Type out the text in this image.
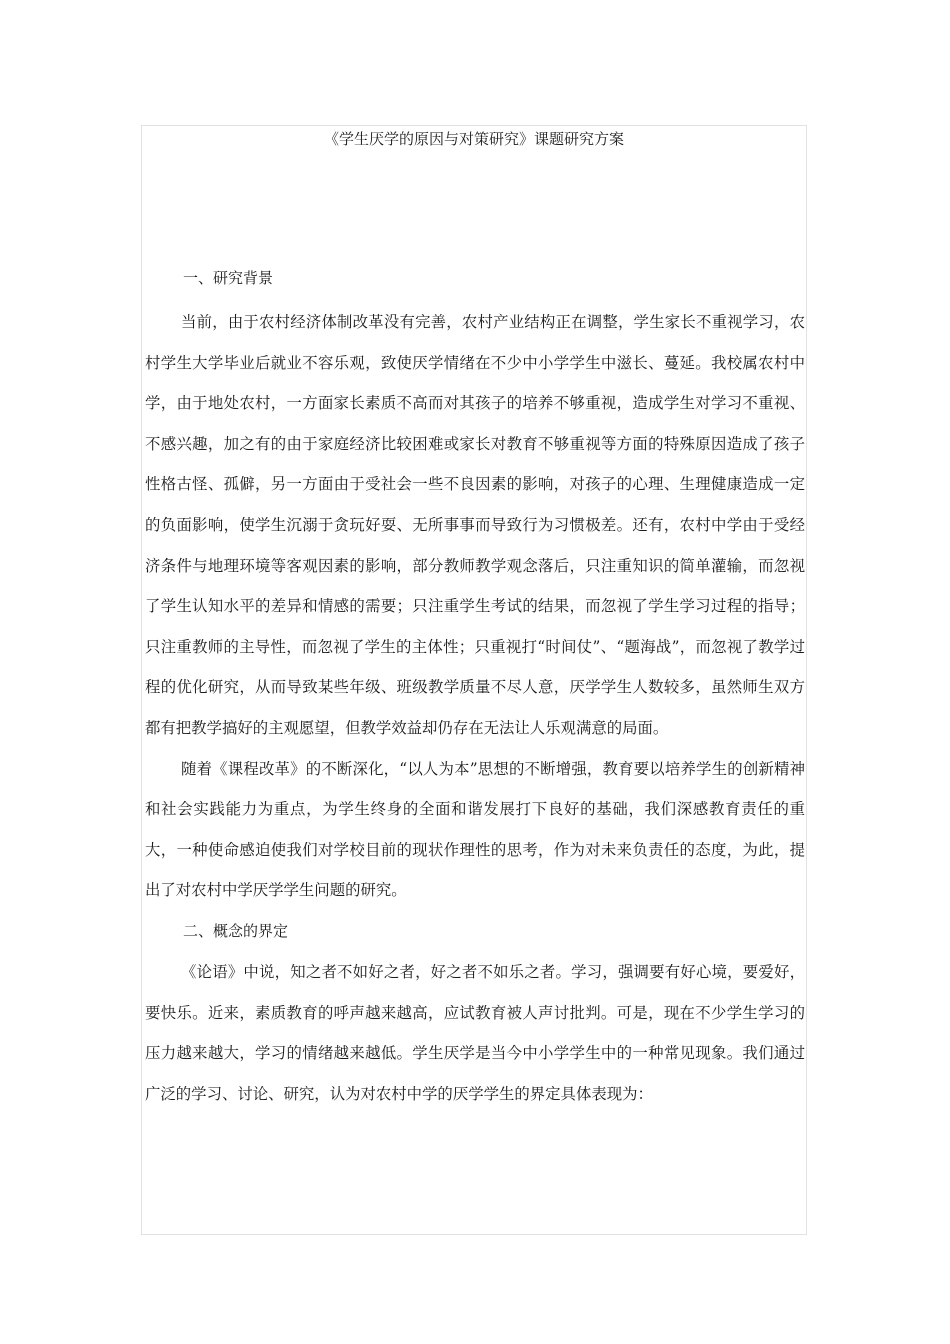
《学生厌学的原因与对策研究》课题研究方案
一、研究背景

当前，由于农村经济体制改革没有完善，农村产业结构正在调整，学生家长不重视学习，农村学生大学毕业后就业不容乐观，致使厌学情绪在不少中小学学生中滋长、蔓延。我校属农村中学，由于地处农村，一方面家长素质不高而对其孩子的培养不够重视，造成学生对学习不重视、不感兴趣，加之有的由于家庭经济比较困难或家长对教育不够重视等方面的特殊原因造成了孩子性格古怪、孤僻，另一方面由于受社会一些不良因素的影响，对孩子的心理、生理健康造成一定的负面影响，使学生沉溺于贪玩好耍、无所事事而导致行为习惯极差。还有，农村中学由于受经济条件与地理环境等客观因素的影响，部分教师教学观念落后，只注重知识的简单灌输，而忽视了学生认知水平的差异和情感的需要；只注重学生考试的结果，而忽视了学生学习过程的指导；只注重教师的主导性，而忽视了学生的主体性；只重视打“时间仗”、“题海战”，而忽视了教学过程的优化研究，从而导致某些年级、班级教学质量不尽人意，厌学学生人数较多，虽然师生双方都有把教学搞好的主观愿望，但教学效益却仍存在无法让人乐观满意的局面。

随着《课程改革》的不断深化，“以人为本”思想的不断增强，教育要以培养学生的创新精神和社会实践能力为重点，为学生终身的全面和谐发展打下良好的基础，我们深感教育责任的重大，一种使命感迫使我们对学校目前的现状作理性的思考，作为对未来负责任的态度，为此，提出了对农村中学厌学学生问题的研究。

二、概念的界定

《论语》中说，知之者不如好之者，好之者不如乐之者。学习，强调要有好心境，要爱好，要快乐。近来，素质教育的呼声越来越高，应试教育被人声讨批判。可是，现在不少学生学习的压力越来越大，学习的情绪越来越低。学生厌学是当今中小学学生中的一种常见现象。我们通过广泛的学习、讨论、研究，认为对农村中学的厌学学生的界定具体表现为：
